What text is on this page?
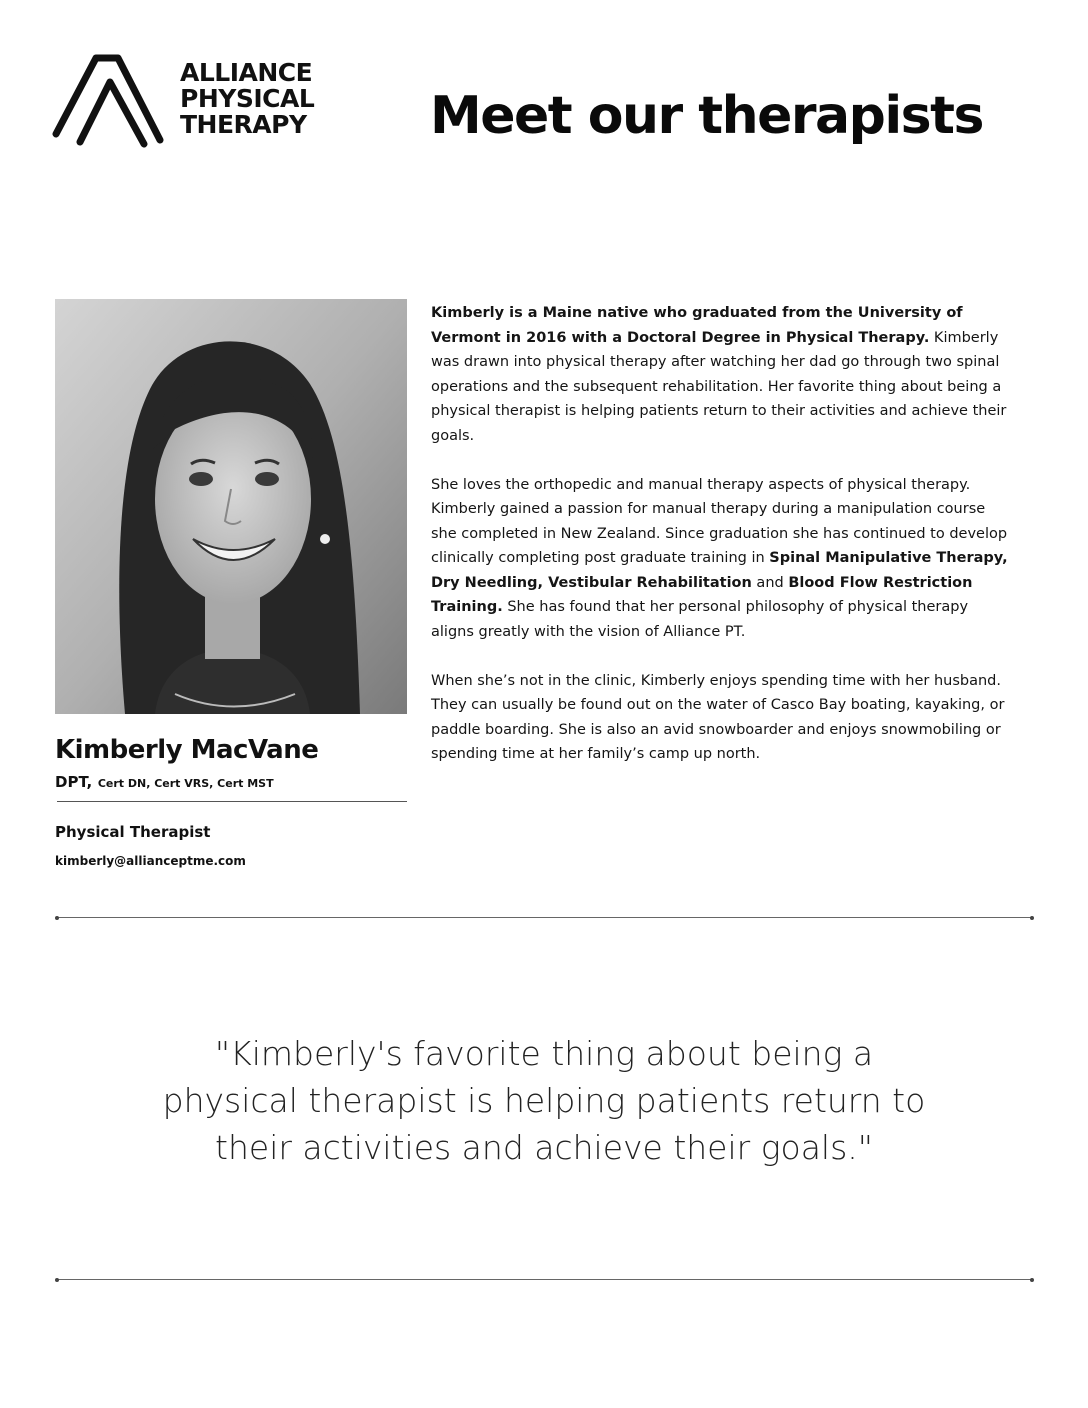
ALLIANCE
PHYSICAL
THERAPY Meet our therapists
Kimberly MacVane
DPT, Cert DN, Cert VRS, Cert MST
Physical Therapist
kimberly@allianceptme.com

Kimberly is a Maine native who graduated from the University of Vermont in 2016 with a Doctoral Degree in Physical Therapy. Kimberly was drawn into physical therapy after watching her dad go through two spinal operations and the subsequent rehabilitation. Her favorite thing about being a physical therapist is helping patients return to their activities and achieve their goals.

She loves the orthopedic and manual therapy aspects of physical therapy. Kimberly gained a passion for manual therapy during a manipulation course she completed in New Zealand. Since graduation she has continued to develop clinically completing post graduate training in Spinal Manipulative Therapy, Dry Needling, Vestibular Rehabilitation and Blood Flow Restriction Training. She has found that her personal philosophy of physical therapy aligns greatly with the vision of Alliance PT.

When she’s not in the clinic, Kimberly enjoys spending time with her husband. They can usually be found out on the water of Casco Bay boating, kayaking, or paddle boarding. She is also an avid snowboarder and enjoys snowmobiling or spending time at her family’s camp up north.

"Kimberly's favorite thing about being a
physical therapist is helping patients return to
their activities and achieve their goals."
